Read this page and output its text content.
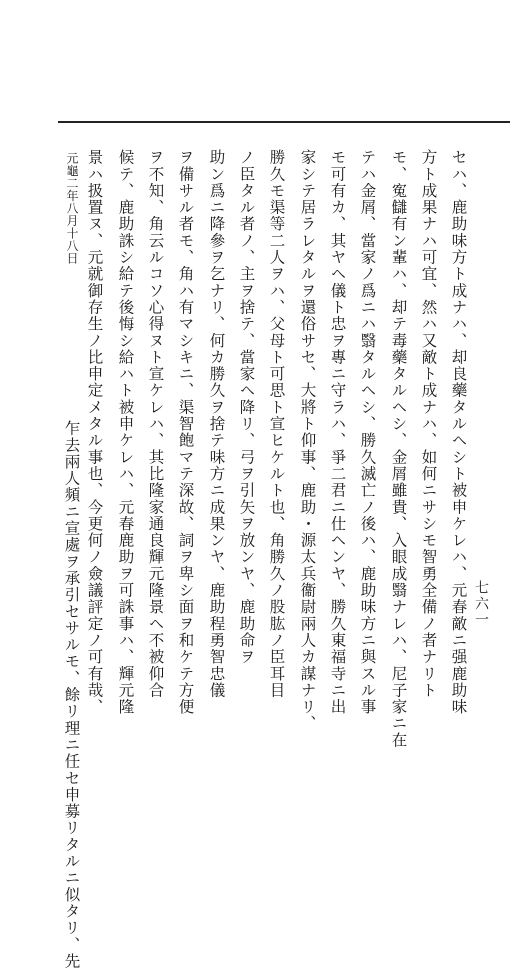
七六一
セハ、鹿助味方ト成ナハ、却良藥タルヘシト被申ケレハ、元春敵ニ强鹿助味
方ト成果ナハ可宜、然ハ又敵ト成ナハ、如何ニサシモ智勇全備ノ者ナリト
モ、寃讎有ン輩ハ、却テ毒藥タルヘシ、金屑雖貴、入眼成翳ナレハ、尼子家ニ在
テハ金屑、當家ノ爲ニハ翳タルヘシ、勝久滅亡ノ後ハ、鹿助味方ニ與スル事
モ可有カ、其ヤヘ儀ト忠ヲ專ニ守ラハ、爭二君ニ仕ヘンヤ、勝久東福寺ニ出
家シテ居ラレタルヲ還俗サセ、大將ト仰事、鹿助・源太兵衞尉兩人カ謀ナリ、
勝久モ渠等二人ヲハ、父母ト可思ト宣ヒケルト也、角勝久ノ股肱ノ臣耳目
ノ臣タル者ノ、主ヲ捨テ、當家ヘ降リ、弓ヲ引矢ヲ放ンヤ、鹿助命ヲ
助ン爲ニ降參ヲ乞ナリ、何カ勝久ヲ捨テ味方ニ成果ンヤ、鹿助程勇智忠儀
ヲ備サル者モ、角ハ有マシキニ、渠智飽マテ深故、詞ヲ卑シ面ヲ和ケテ方便
ヲ不知、角云ルコソ心得ヌト宣ケレハ、其比隆家通良輝元隆景ヘ不被仰合
候テ、鹿助誅シ給テ後悔シ給ハト被申ケレハ、元春鹿助ヲ可誅事ハ、輝元隆
景ハ扱置ヌ、元就御存生ノ比申定メタル事也、今更何ノ僉議評定ノ可有哉、
乍去兩人頻ニ宣處ヲ承引セサルモ、餘リ理ニ任セ申募リタルニ似タリ、先
元龜二年八月十八日
